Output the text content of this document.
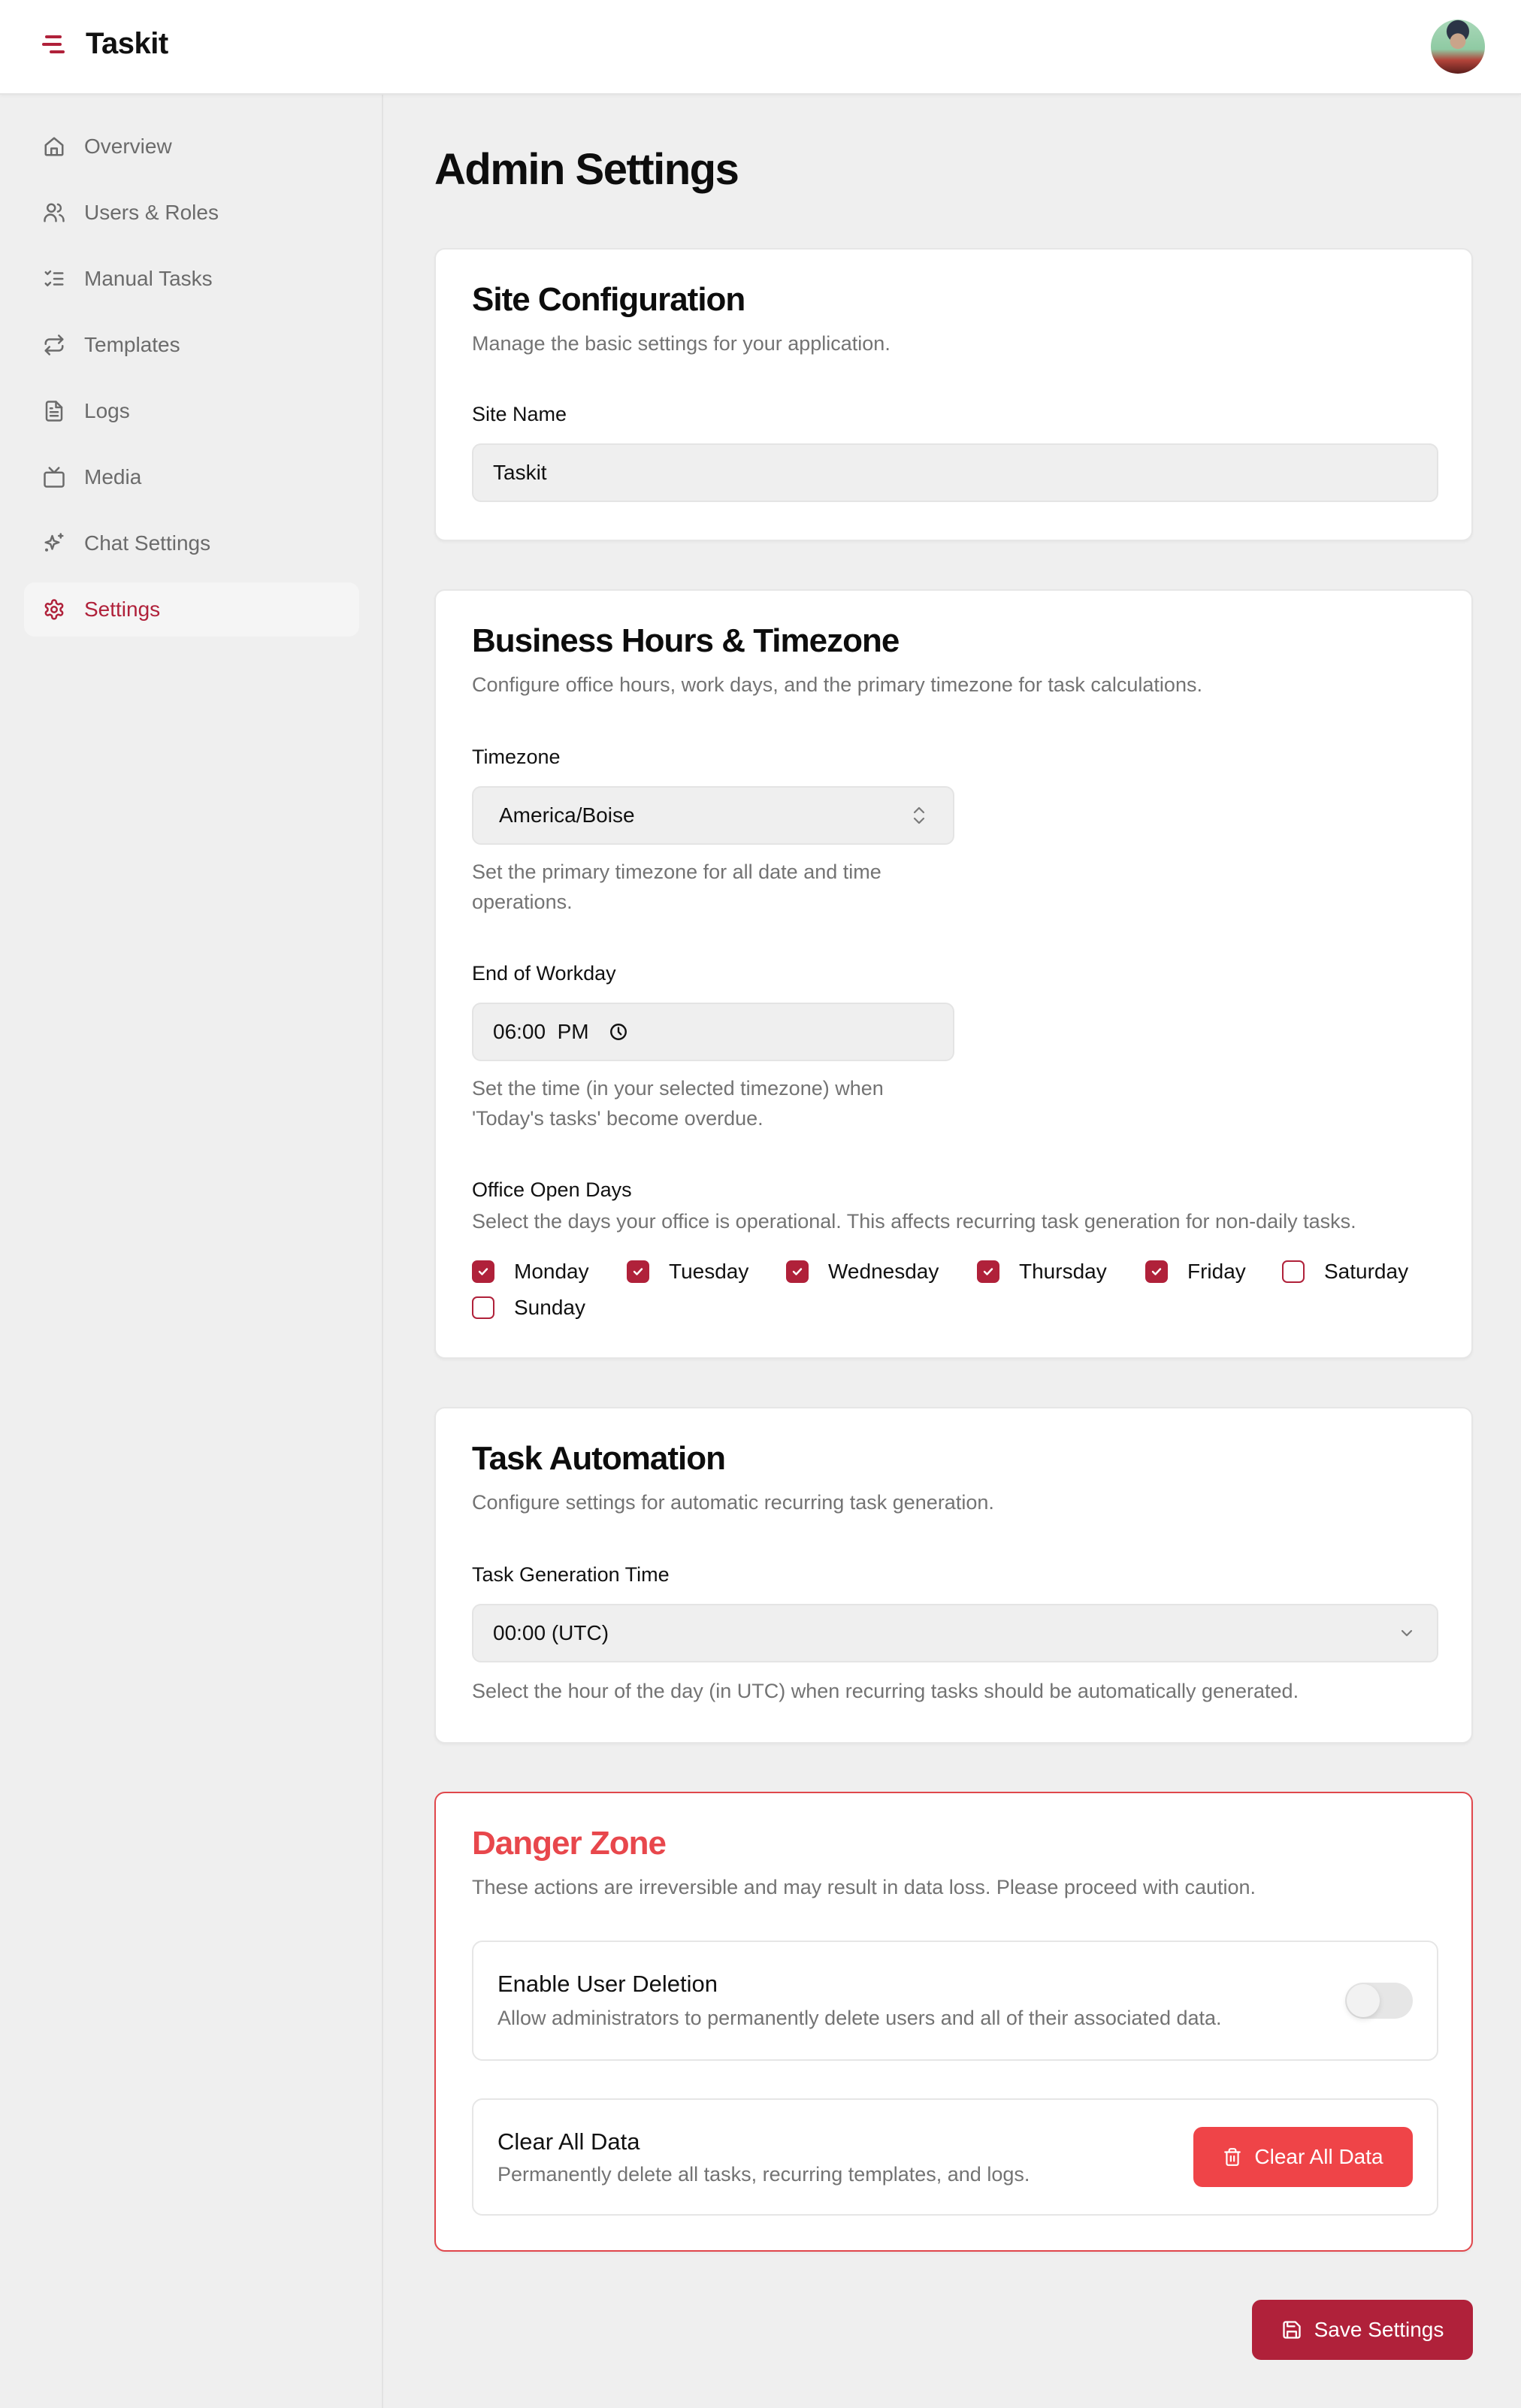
Taskit
Overview
Users & Roles
Manual Tasks
Templates
Logs
Media
Chat Settings
Settings
Admin Settings
Site Configuration

Manage the basic settings for your application.

Site Name
Taskit
Business Hours & Timezone

Configure office hours, work days, and the primary timezone for task calculations.

Timezone
America/Boise

Set the primary timezone for all date and time
operations.

End of Workday
06:00  PM

Set the time (in your selected timezone) when
'Today's tasks' become overdue.

Office Open Days

Select the days your office is operational. This affects recurring task generation for non-daily tasks.

Monday	Tuesday	Wednesday	Thursday	Friday	Saturday
Sunday
Task Automation

Configure settings for automatic recurring task generation.

Task Generation Time
00:00 (UTC)

Select the hour of the day (in UTC) when recurring tasks should be automatically generated.

Danger Zone

These actions are irreversible and may result in data loss. Please proceed with caution.

Enable User Deletion
Allow administrators to permanently delete users and all of their associated data.
Clear All Data
Permanently delete all tasks, recurring templates, and logs.
Clear All Data
Save Settings
